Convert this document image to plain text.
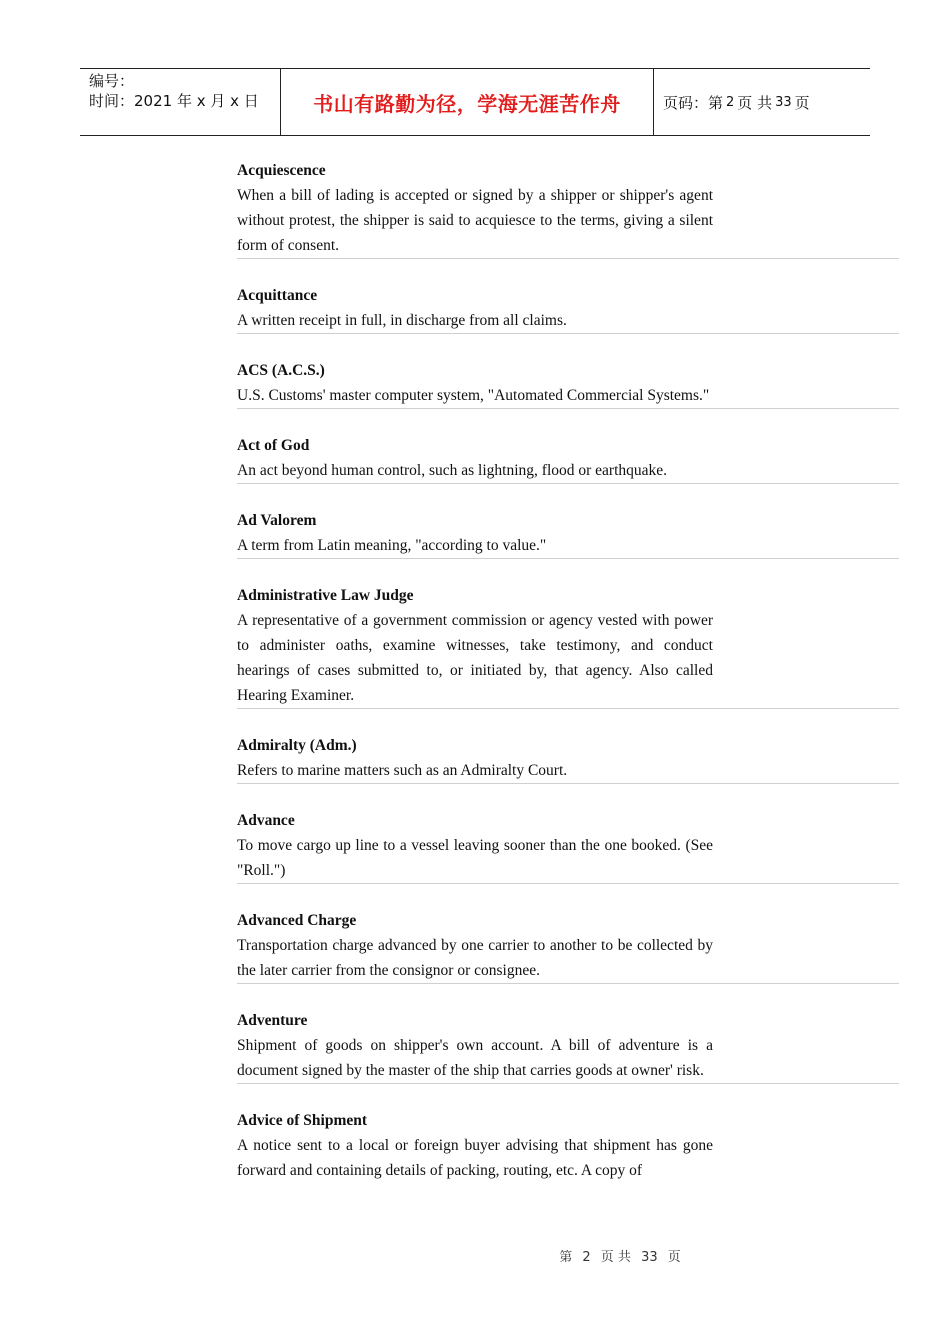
编号：
时间：2021 年 x 月 x 日	书山有路勤为径，学海无涯苦作舟	页码：第 2 页 共 33 页
Acquiescence
When a bill of lading is accepted or signed by a shipper or shipper's agent without protest, the shipper is said to acquiesce to the terms, giving a silent form of consent.
Acquittance
A written receipt in full, in discharge from all claims.
ACS (A.C.S.)
U.S. Customs' master computer system, "Automated Commercial Systems."
Act of God
An act beyond human control, such as lightning, flood or earthquake.
Ad Valorem
A term from Latin meaning, "according to value."
Administrative Law Judge
A representative of a government commission or agency vested with power to administer oaths, examine witnesses, take testimony, and conduct hearings of cases submitted to, or initiated by, that agency. Also called Hearing Examiner.
Admiralty (Adm.)
Refers to marine matters such as an Admiralty Court.
Advance
To move cargo up line to a vessel leaving sooner than the one booked. (See "Roll.")
Advanced Charge
Transportation charge advanced by one carrier to another to be collected by the later carrier from the consignor or consignee.
Adventure
Shipment of goods on shipper's own account. A bill of adventure is a document signed by the master of the ship that carries goods at owner' risk.
Advice of Shipment
A notice sent to a local or foreign buyer advising that shipment has gone forward and containing details of packing, routing, etc. A copy of
第 2 页 共 33 页
